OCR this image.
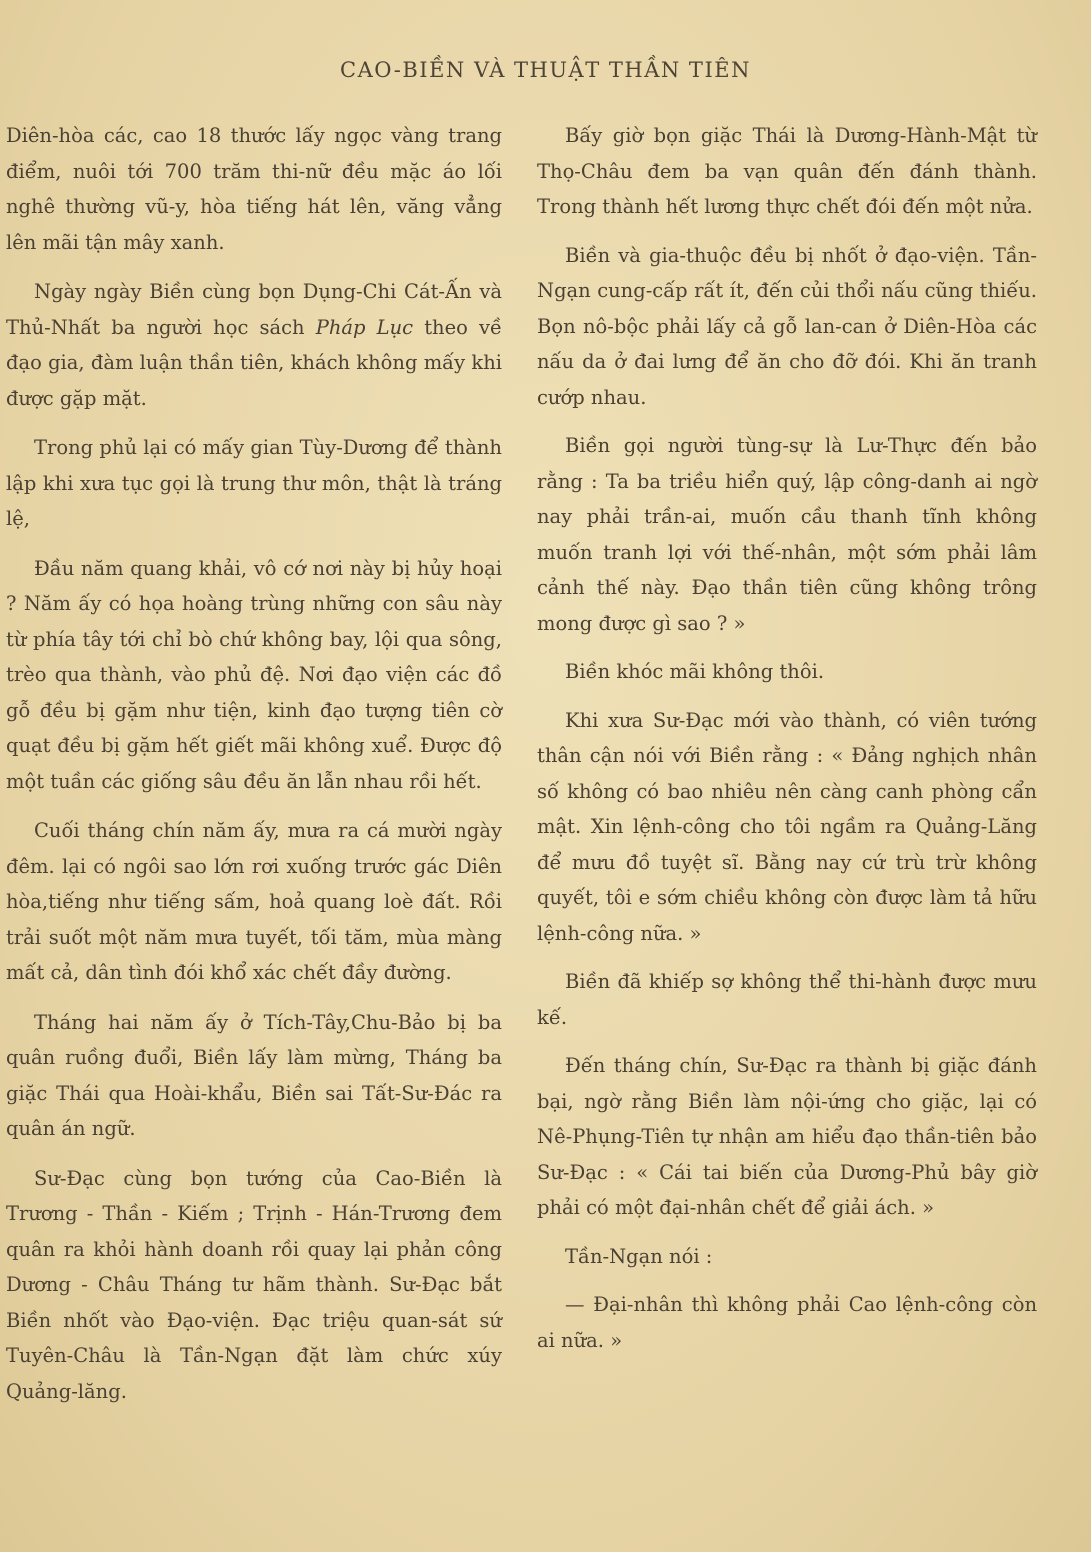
CAO-BIỀN VÀ THUẬT THẦN TIÊN

Diên-hòa các, cao 18 thước lấy ngọc vàng trang điểm, nuôi tới 700 trăm thi-nữ đều mặc áo lối nghê thường vũ-y, hòa tiếng hát lên, văng vẳng lên mãi tận mây xanh.

Ngày ngày Biền cùng bọn Dụng-Chi Cát-Ấn và Thủ-Nhất ba người học sách Pháp Lục theo về đạo gia, đàm luận thần tiên, khách không mấy khi được gặp mặt.

Trong phủ lại có mấy gian Tùy-Dương để thành lập khi xưa tục gọi là trung thư môn, thật là tráng lệ,

Đầu năm quang khải, vô cớ nơi này bị hủy hoại ? Năm ấy có họa hoàng trùng những con sâu này từ phía tây tới chỉ bò chứ không bay, lội qua sông, trèo qua thành, vào phủ đệ. Nơi đạo viện các đồ gỗ đều bị gặm như tiện, kinh đạo tượng tiên cờ quạt đều bị gặm hết giết mãi không xuể. Được độ một tuần các giống sâu đều ăn lẫn nhau rồi hết.

Cuối tháng chín năm ấy, mưa ra cá mười ngày đêm. lại có ngôi sao lớn rơi xuống trước gác Diên hòa,tiếng như tiếng sấm, hoả quang loè đất. Rồi trải suốt một năm mưa tuyết, tối tăm, mùa màng mất cả, dân tình đói khổ xác chết đầy đường.

Tháng hai năm ấy ở Tích-Tây,Chu-Bảo bị ba quân ruồng đuổi, Biền lấy làm mừng, Tháng ba giặc Thái qua Hoài-khẩu, Biền sai Tất-Sư-Đác ra quân án ngữ.

Sư-Đạc cùng bọn tướng của Cao-Biền là Trương - Thần - Kiếm ; Trịnh - Hán-Trương đem quân ra khỏi hành doanh rồi quay lại phản công Dương - Châu Tháng tư hãm thành. Sư-Đạc bắt Biền nhốt vào Đạo-viện. Đạc triệu quan-sát sứ Tuyên-Châu là Tần-Ngạn đặt làm chức xúy Quảng-lăng.

Bấy giờ bọn giặc Thái là Dương-Hành-Mật từ Thọ-Châu đem ba vạn quân đến đánh thành. Trong thành hết lương thực chết đói đến một nửa.

Biền và gia-thuộc đều bị nhốt ở đạo-viện. Tần-Ngạn cung-cấp rất ít, đến củi thổi nấu cũng thiếu. Bọn nô-bộc phải lấy cả gỗ lan-can ở Diên-Hòa các nấu da ở đai lưng để ăn cho đỡ đói. Khi ăn tranh cướp nhau.

Biền gọi người tùng-sự là Lư-Thực đến bảo rằng : Ta ba triều hiển quý, lập công-danh ai ngờ nay phải trần-ai, muốn cầu thanh tĩnh không muốn tranh lợi với thế-nhân, một sớm phải lâm cảnh thế này. Đạo thần tiên cũng không trông mong được gì sao ? »

Biền khóc mãi không thôi.

Khi xưa Sư-Đạc mới vào thành, có viên tướng thân cận nói với Biền rằng : « Đảng nghịch nhân số không có bao nhiêu nên càng canh phòng cẩn mật. Xin lệnh-công cho tôi ngầm ra Quảng-Lăng để mưu đồ tuyệt sĩ. Bằng nay cứ trù trừ không quyết, tôi e sớm chiều không còn được làm tả hữu lệnh-công nữa. »

Biền đã khiếp sợ không thể thi-hành được mưu kế.

Đến tháng chín, Sư-Đạc ra thành bị giặc đánh bại, ngờ rằng Biền làm nội-ứng cho giặc, lại có Nê-Phụng-Tiên tự nhận am hiểu đạo thần-tiên bảo Sư-Đạc : « Cái tai biến của Dương-Phủ bây giờ phải có một đại-nhân chết để giải ách. »

Tần-Ngạn nói :

— Đại-nhân thì không phải Cao lệnh-công còn ai nữa. »
